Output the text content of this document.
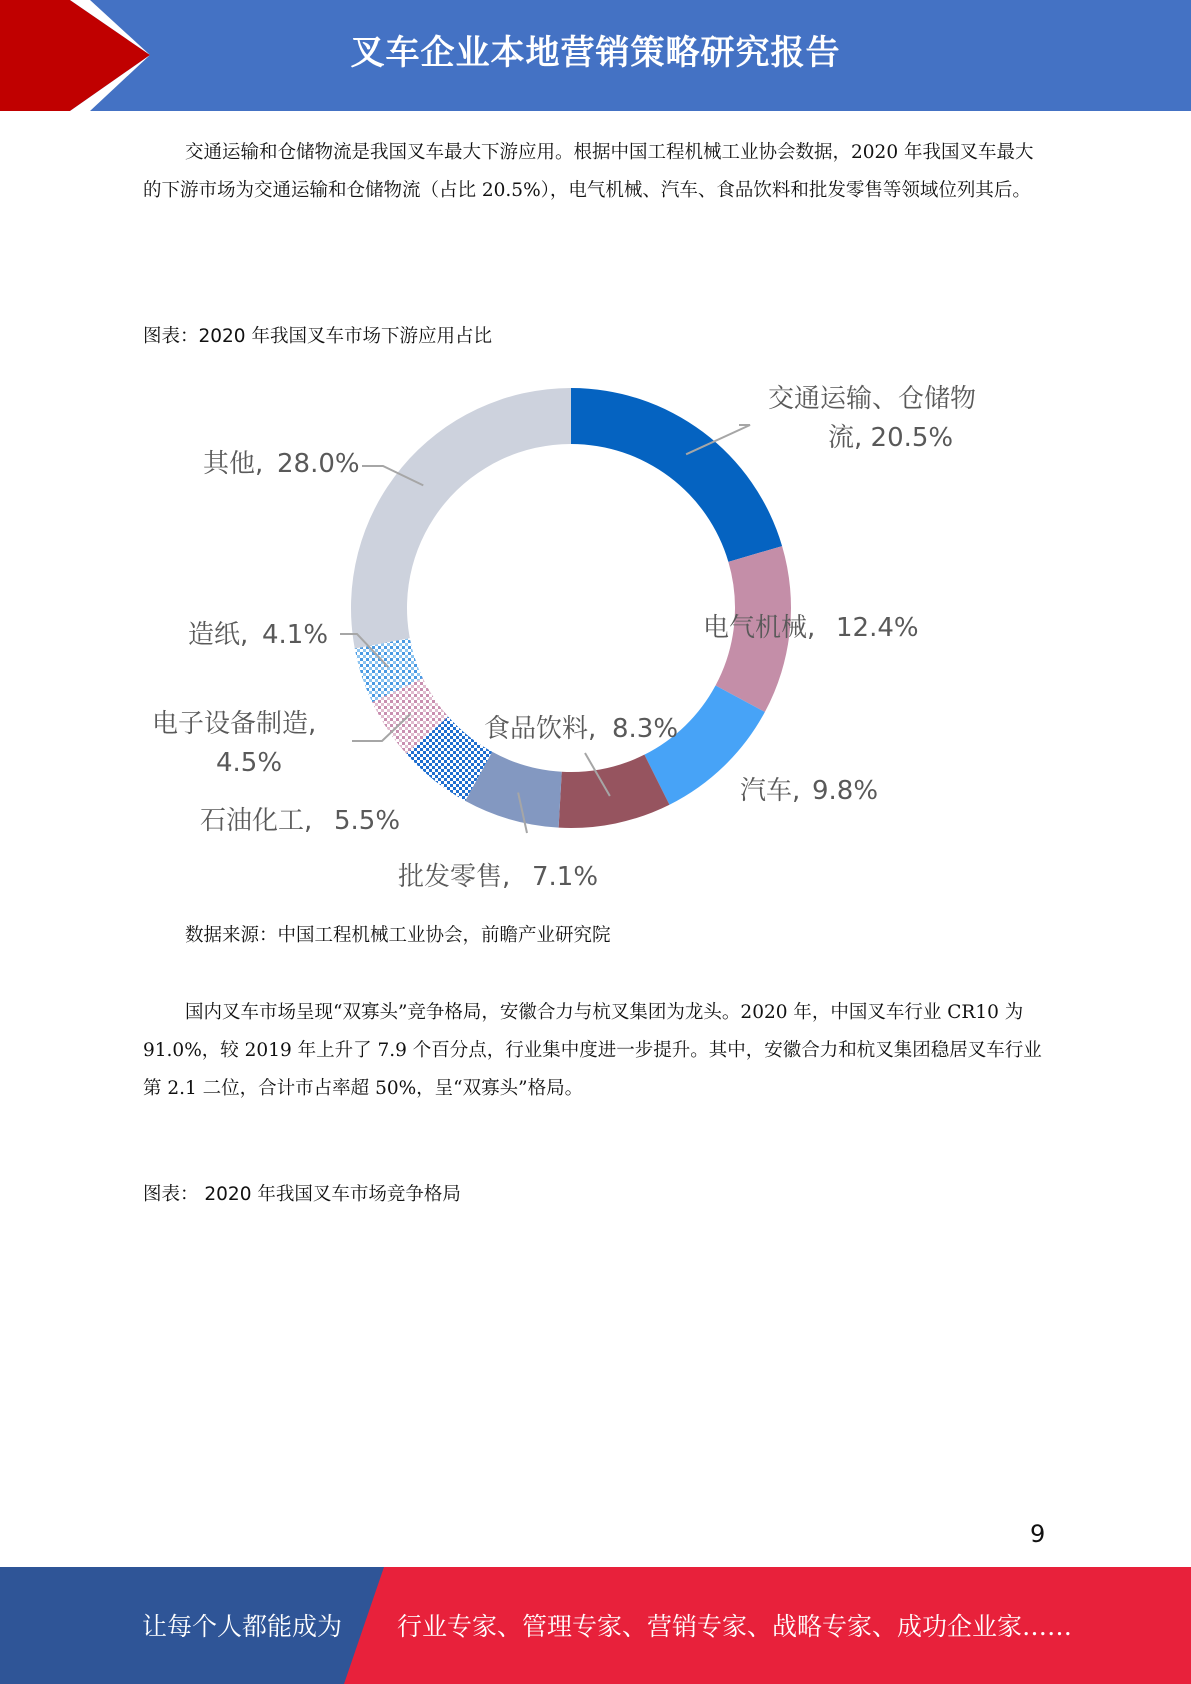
叉车企业本地营销策略研究报告

交通运输和仓储物流是我国叉车最大下游应用。根据中国工程机械工业协会数据，2020 年我国叉车最大的下游市场为交通运输和仓储物流（占比 20.5%），电气机械、汽车、食品饮料和批发零售等领域位列其后。

图表：2020 年我国叉车市场下游应用占比
交通运输、仓储物
流, 20.5%
电气机械, 12.4%
汽车, 9.8%
食品饮料, 8.3%
批发零售, 7.1%
石油化工, 5.5%
电子设备制造,
4.5%
造纸, 4.1%
其他, 28.0%
数据来源：中国工程机械工业协会，前瞻产业研究院

国内叉车市场呈现“双寡头”竞争格局，安徽合力与杭叉集团为龙头。2020 年，中国叉车行业 CR10 为 91.0%，较 2019 年上升了 7.9 个百分点，行业集中度进一步提升。其中，安徽合力和杭叉集团稳居叉车行业第 2.1 二位，合计市占率超 50%，呈“双寡头”格局。

图表： 2020 年我国叉车市场竞争格局
9
让每个人都能成为 行业专家、管理专家、营销专家、战略专家、成功企业家……
